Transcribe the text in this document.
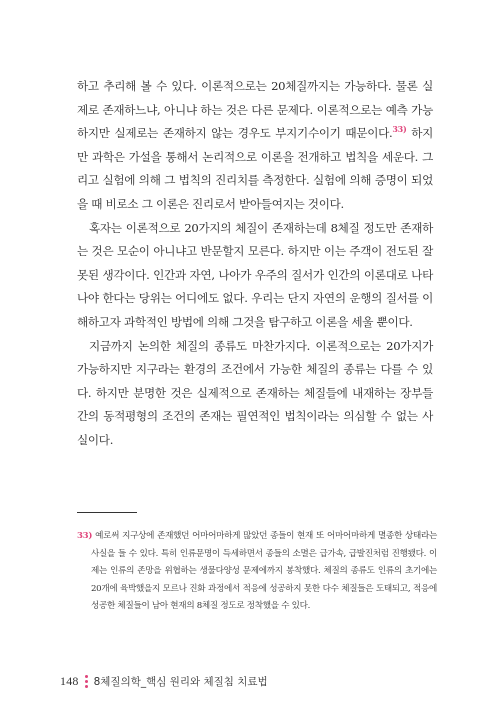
하고 추리해 볼 수 있다. 이론적으로는 20체질까지는 가능하다. 물론 실제로 존재하느냐, 아니냐 하는 것은 다른 문제다. 이론적으로는 예측 가능하지만 실제로는 존재하지 않는 경우도 부지기수이기 때문이다.$^{33)}$ 하지만 과학은 가설을 통해서 논리적으로 이론을 전개하고 법칙을 세운다. 그리고 실험에 의해 그 법칙의 진리치를 측정한다. 실험에 의해 증명이 되었을 때 비로소 그 이론은 진리로서 받아들여지는 것이다.

혹자는 이론적으로 20가지의 체질이 존재하는데 8체질 정도만 존재하는 것은 모순이 아니냐고 반문할지 모른다. 하지만 이는 주객이 전도된 잘못된 생각이다. 인간과 자연, 나아가 우주의 질서가 인간의 이론대로 나타나야 한다는 당위는 어디에도 없다. 우리는 단지 자연의 운행의 질서를 이해하고자 과학적인 방법에 의해 그것을 탐구하고 이론을 세울 뿐이다.

지금까지 논의한 체질의 종류도 마찬가지다. 이론적으로는 20가지가 가능하지만 지구라는 환경의 조건에서 가능한 체질의 종류는 다를 수 있다. 하지만 분명한 것은 실제적으로 존재하는 체질들에 내재하는 장부들 간의 동적평형의 조건의 존재는 필연적인 법칙이라는 의심할 수 없는 사실이다.

33) 예로써 지구상에 존재했던 어마어마하게 많았던 종들이 현재 또 어마어마하게 멸종한 상태라는 사실을 들 수 있다. 특히 인류문명이 득세하면서 종들의 소멸은 급가속, 급발진처럼 진행됐다. 이제는 인류의 존망을 위협하는 생물다양성 문제에까지 봉착했다. 체질의 종류도 인류의 초기에는 20개에 육박했을지 모르나 진화 과정에서 적응에 성공하지 못한 다수 체질들은 도태되고, 적응에 성공한 체질들이 남아 현재의 8체질 정도로 정착했을 수 있다.
148 8체질의학_핵심 원리와 체질침 치료법
